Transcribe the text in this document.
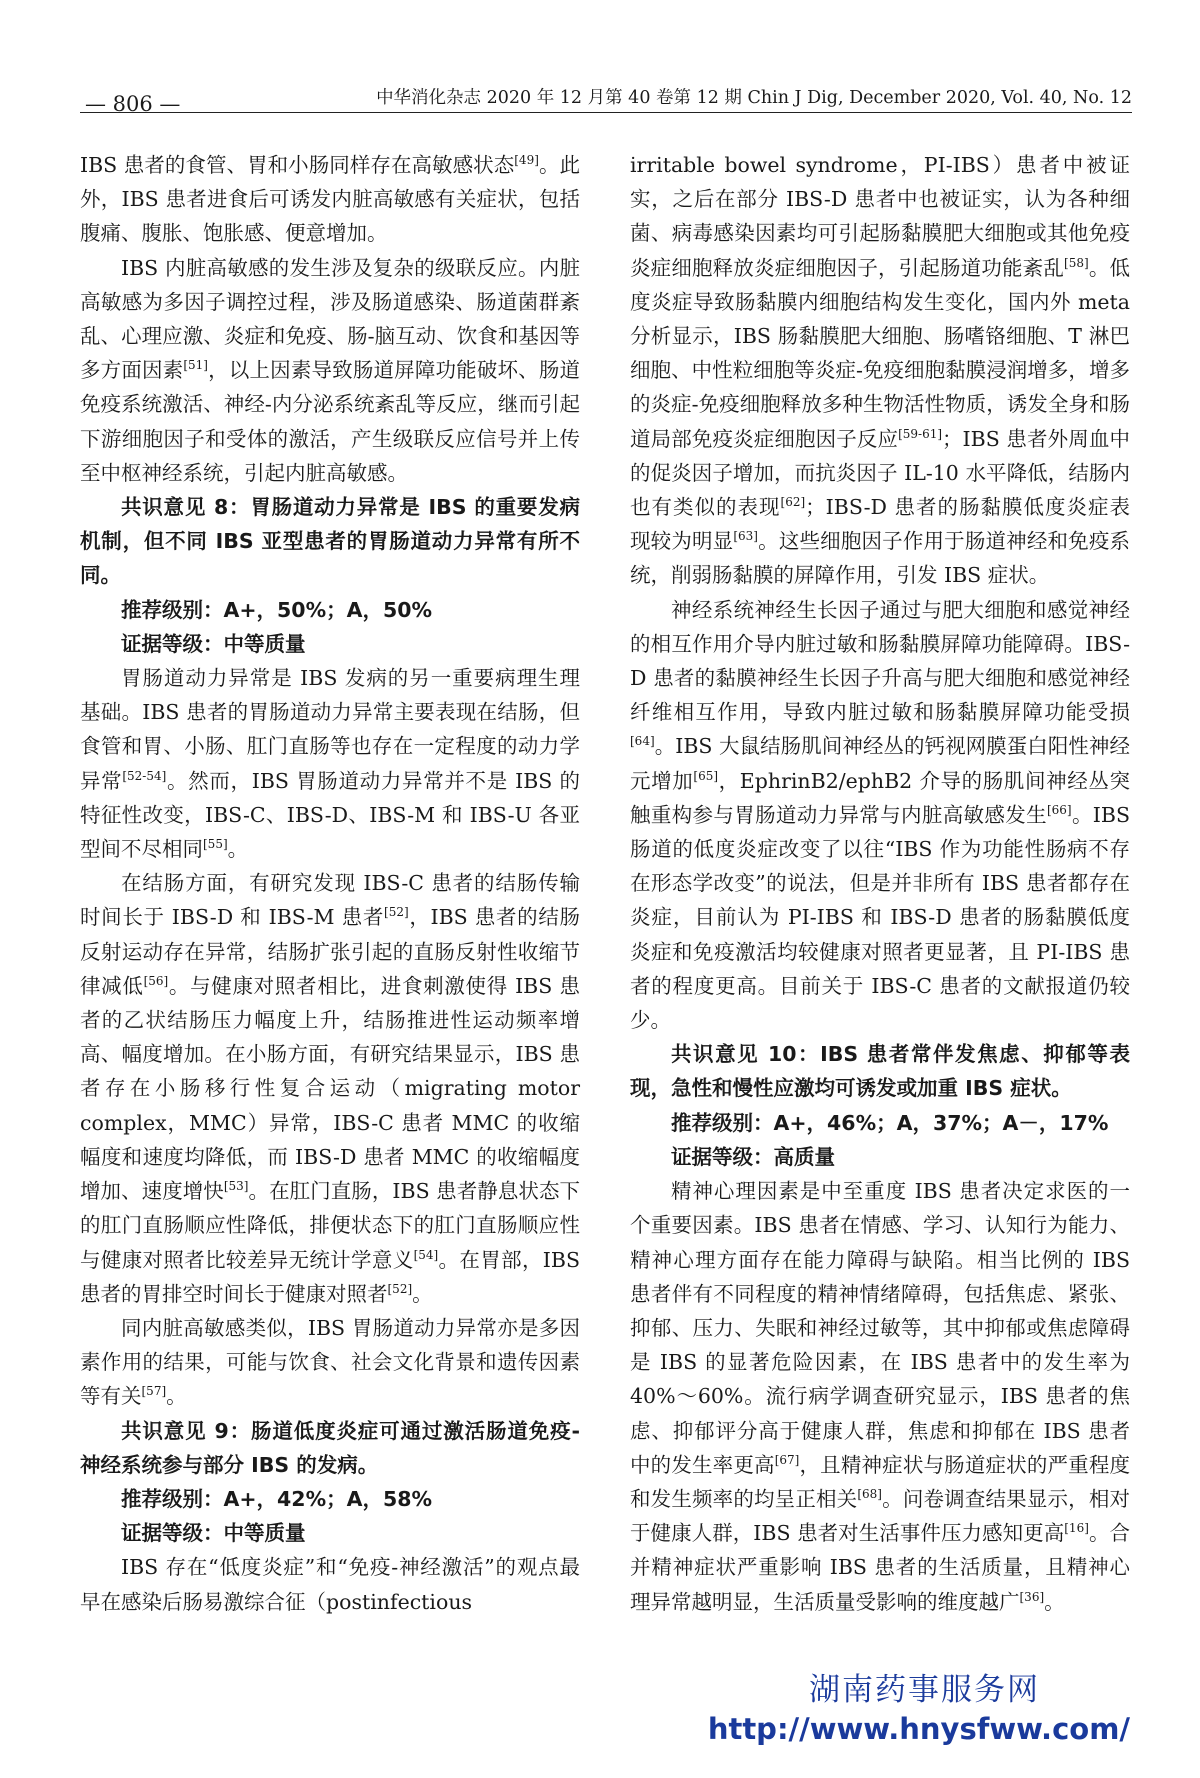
— 806 —	中华消化杂志 2020 年 12 月第 40 卷第 12 期 Chin J Dig, December 2020, Vol. 40, No. 12

IBS 患者的食管、胃和小肠同样存在高敏感状态[49]。此外，IBS 患者进食后可诱发内脏高敏感有关症状，包括腹痛、腹胀、饱胀感、便意增加。

IBS 内脏高敏感的发生涉及复杂的级联反应。内脏高敏感为多因子调控过程，涉及肠道感染、肠道菌群紊乱、心理应激、炎症和免疫、肠-脑互动、饮食和基因等多方面因素[51]，以上因素导致肠道屏障功能破坏、肠道免疫系统激活、神经-内分泌系统紊乱等反应，继而引起下游细胞因子和受体的激活，产生级联反应信号并上传至中枢神经系统，引起内脏高敏感。

共识意见 8：胃肠道动力异常是 IBS 的重要发病机制，但不同 IBS 亚型患者的胃肠道动力异常有所不同。

推荐级别：A+，50%；A，50%

证据等级：中等质量

胃肠道动力异常是 IBS 发病的另一重要病理生理基础。IBS 患者的胃肠道动力异常主要表现在结肠，但食管和胃、小肠、肛门直肠等也存在一定程度的动力学异常[52-54]。然而，IBS 胃肠道动力异常并不是 IBS 的特征性改变，IBS-C、IBS-D、IBS-M 和 IBS-U 各亚型间不尽相同[55]。

在结肠方面，有研究发现 IBS-C 患者的结肠传输时间长于 IBS-D 和 IBS-M 患者[52]，IBS 患者的结肠反射运动存在异常，结肠扩张引起的直肠反射性收缩节律减低[56]。与健康对照者相比，进食刺激使得 IBS 患者的乙状结肠压力幅度上升，结肠推进性运动频率增高、幅度增加。在小肠方面，有研究结果显示，IBS 患者存在小肠移行性复合运动（migrating motor complex，MMC）异常，IBS-C 患者 MMC 的收缩幅度和速度均降低，而 IBS-D 患者 MMC 的收缩幅度增加、速度增快[53]。在肛门直肠，IBS 患者静息状态下的肛门直肠顺应性降低，排便状态下的肛门直肠顺应性与健康对照者比较差异无统计学意义[54]。在胃部，IBS 患者的胃排空时间长于健康对照者[52]。

同内脏高敏感类似，IBS 胃肠道动力异常亦是多因素作用的结果，可能与饮食、社会文化背景和遗传因素等有关[57]。

共识意见 9：肠道低度炎症可通过激活肠道免疫-神经系统参与部分 IBS 的发病。

推荐级别：A+，42%；A，58%

证据等级：中等质量

IBS 存在“低度炎症”和“免疫-神经激活”的观点最早在感染后肠易激综合征（postinfectious

irritable bowel syndrome，PI-IBS）患者中被证实，之后在部分 IBS-D 患者中也被证实，认为各种细菌、病毒感染因素均可引起肠黏膜肥大细胞或其他免疫炎症细胞释放炎症细胞因子，引起肠道功能紊乱[58]。低度炎症导致肠黏膜内细胞结构发生变化，国内外 meta 分析显示，IBS 肠黏膜肥大细胞、肠嗜铬细胞、T 淋巴细胞、中性粒细胞等炎症-免疫细胞黏膜浸润增多，增多的炎症-免疫细胞释放多种生物活性物质，诱发全身和肠道局部免疫炎症细胞因子反应[59-61]；IBS 患者外周血中的促炎因子增加，而抗炎因子 IL-10 水平降低，结肠内也有类似的表现[62]；IBS-D 患者的肠黏膜低度炎症表现较为明显[63]。这些细胞因子作用于肠道神经和免疫系统，削弱肠黏膜的屏障作用，引发 IBS 症状。

神经系统神经生长因子通过与肥大细胞和感觉神经的相互作用介导内脏过敏和肠黏膜屏障功能障碍。IBS-D 患者的黏膜神经生长因子升高与肥大细胞和感觉神经纤维相互作用，导致内脏过敏和肠黏膜屏障功能受损[64]。IBS 大鼠结肠肌间神经丛的钙视网膜蛋白阳性神经元增加[65]，EphrinB2/ephB2 介导的肠肌间神经丛突触重构参与胃肠道动力异常与内脏高敏感发生[66]。IBS 肠道的低度炎症改变了以往“IBS 作为功能性肠病不存在形态学改变”的说法，但是并非所有 IBS 患者都存在炎症，目前认为 PI-IBS 和 IBS-D 患者的肠黏膜低度炎症和免疫激活均较健康对照者更显著，且 PI-IBS 患者的程度更高。目前关于 IBS-C 患者的文献报道仍较少。

共识意见 10：IBS 患者常伴发焦虑、抑郁等表现，急性和慢性应激均可诱发或加重 IBS 症状。

推荐级别：A+，46%；A，37%；A－，17%

证据等级：高质量

精神心理因素是中至重度 IBS 患者决定求医的一个重要因素。IBS 患者在情感、学习、认知行为能力、精神心理方面存在能力障碍与缺陷。相当比例的 IBS 患者伴有不同程度的精神情绪障碍，包括焦虑、紧张、抑郁、压力、失眠和神经过敏等，其中抑郁或焦虑障碍是 IBS 的显著危险因素，在 IBS 患者中的发生率为 40%～60%。流行病学调查研究显示，IBS 患者的焦虑、抑郁评分高于健康人群，焦虑和抑郁在 IBS 患者中的发生率更高[67]，且精神症状与肠道症状的严重程度和发生频率的均呈正相关[68]。问卷调查结果显示，相对于健康人群，IBS 患者对生活事件压力感知更高[16]。合并精神症状严重影响 IBS 患者的生活质量，且精神心理异常越明显，生活质量受影响的维度越广[36]。

湖南药事服务网
http://www.hnysfww.com/
